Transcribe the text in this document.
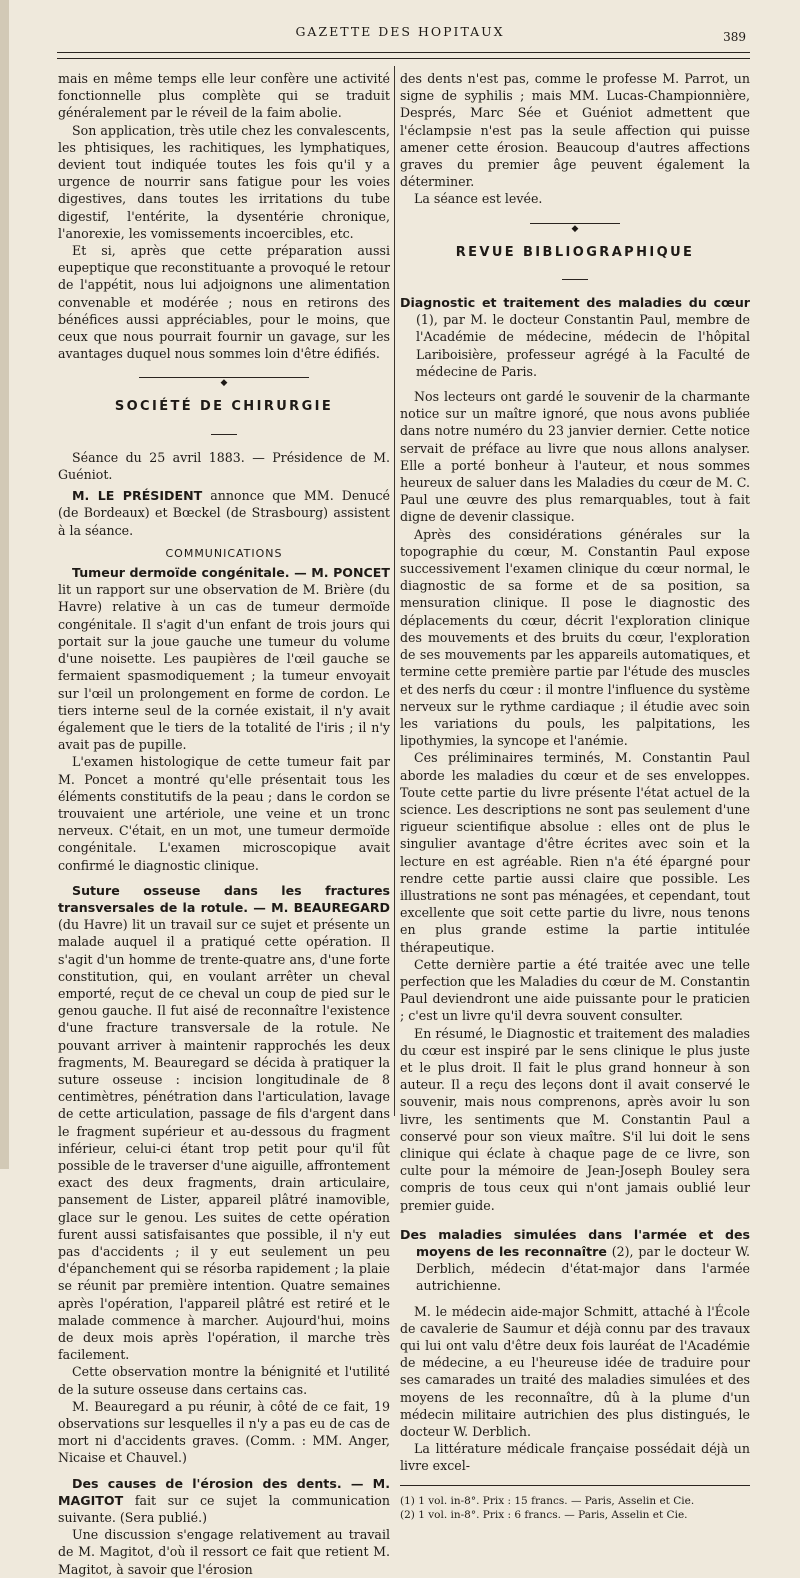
GAZETTE DES HOPITAUX	389

mais en même temps elle leur confère une activité fonctionnelle plus complète qui se traduit généralement par le réveil de la faim abolie.

Son application, très utile chez les convalescents, les phtisiques, les rachitiques, les lymphatiques, devient tout indiquée toutes les fois qu'il y a urgence de nourrir sans fatigue pour les voies digestives, dans toutes les irritations du tube digestif, l'entérite, la dysentérie chronique, l'anorexie, les vomissements incoercibles, etc.

Et si, après que cette préparation aussi eupeptique que reconstituante a provoqué le retour de l'appétit, nous lui adjoignons une alimentation convenable et modérée ; nous en retirons des bénéfices aussi appréciables, pour le moins, que ceux que nous pourrait fournir un gavage, sur les avantages duquel nous sommes loin d'être édifiés.

◆
SOCIÉTÉ DE CHIRURGIE

Séance du 25 avril 1883. — Présidence de M. Guéniot.

M. LE PRÉSIDENT annonce que MM. Denucé (de Bordeaux) et Bœckel (de Strasbourg) assistent à la séance.

COMMUNICATIONS

Tumeur dermoïde congénitale. — M. PONCET lit un rapport sur une observation de M. Brière (du Havre) relative à un cas de tumeur dermoïde congénitale. Il s'agit d'un enfant de trois jours qui portait sur la joue gauche une tumeur du volume d'une noisette. Les paupières de l'œil gauche se fermaient spasmodiquement ; la tumeur envoyait sur l'œil un prolongement en forme de cordon. Le tiers interne seul de la cornée existait, il n'y avait également que le tiers de la totalité de l'iris ; il n'y avait pas de pupille.

L'examen histologique de cette tumeur fait par M. Poncet a montré qu'elle présentait tous les éléments constitutifs de la peau ; dans le cordon se trouvaient une artériole, une veine et un tronc nerveux. C'était, en un mot, une tumeur dermoïde congénitale. L'examen microscopique avait confirmé le diagnostic clinique.

Suture osseuse dans les fractures transversales de la rotule. — M. BEAUREGARD (du Havre) lit un travail sur ce sujet et présente un malade auquel il a pratiqué cette opération. Il s'agit d'un homme de trente-quatre ans, d'une forte constitution, qui, en voulant arrêter un cheval emporté, reçut de ce cheval un coup de pied sur le genou gauche. Il fut aisé de reconnaître l'existence d'une fracture transversale de la rotule. Ne pouvant arriver à maintenir rapprochés les deux fragments, M. Beauregard se décida à pratiquer la suture osseuse : incision longitudinale de 8 centimètres, pénétration dans l'articulation, lavage de cette articulation, passage de fils d'argent dans le fragment supérieur et au-dessous du fragment inférieur, celui-ci étant trop petit pour qu'il fût possible de le traverser d'une aiguille, affrontement exact des deux fragments, drain articulaire, pansement de Lister, appareil plâtré inamovible, glace sur le genou. Les suites de cette opération furent aussi satisfaisantes que possible, il n'y eut pas d'accidents ; il y eut seulement un peu d'épanchement qui se résorba rapidement ; la plaie se réunit par première intention. Quatre semaines après l'opération, l'appareil plâtré est retiré et le malade commence à marcher. Aujourd'hui, moins de deux mois après l'opération, il marche très facilement.

Cette observation montre la bénignité et l'utilité de la suture osseuse dans certains cas.

M. Beauregard a pu réunir, à côté de ce fait, 19 observations sur lesquelles il n'y a pas eu de cas de mort ni d'accidents graves. (Comm. : MM. Anger, Nicaise et Chauvel.)

Des causes de l'érosion des dents. — M. MAGITOT fait sur ce sujet la communication suivante. (Sera publié.)

Une discussion s'engage relativement au travail de M. Magitot, d'où il ressort ce fait que retient M. Magitot, à savoir que l'érosion

des dents n'est pas, comme le professe M. Parrot, un signe de syphilis ; mais MM. Lucas-Championnière, Després, Marc Sée et Guéniot admettent que l'éclampsie n'est pas la seule affection qui puisse amener cette érosion. Beaucoup d'autres affections graves du premier âge peuvent également la déterminer.

La séance est levée.

◆
REVUE BIBLIOGRAPHIQUE

Diagnostic et traitement des maladies du cœur (1), par M. le docteur Constantin Paul, membre de l'Académie de médecine, médecin de l'hôpital Lariboisière, professeur agrégé à la Faculté de médecine de Paris.

Nos lecteurs ont gardé le souvenir de la charmante notice sur un maître ignoré, que nous avons publiée dans notre numéro du 23 janvier dernier. Cette notice servait de préface au livre que nous allons analyser. Elle a porté bonheur à l'auteur, et nous sommes heureux de saluer dans les Maladies du cœur de M. C. Paul une œuvre des plus remarquables, tout à fait digne de devenir classique.

Après des considérations générales sur la topographie du cœur, M. Constantin Paul expose successivement l'examen clinique du cœur normal, le diagnostic de sa forme et de sa position, sa mensuration clinique. Il pose le diagnostic des déplacements du cœur, décrit l'exploration clinique des mouvements et des bruits du cœur, l'exploration de ses mouvements par les appareils automatiques, et termine cette première partie par l'étude des muscles et des nerfs du cœur : il montre l'influence du système nerveux sur le rythme cardiaque ; il étudie avec soin les variations du pouls, les palpitations, les lipothymies, la syncope et l'anémie.

Ces préliminaires terminés, M. Constantin Paul aborde les maladies du cœur et de ses enveloppes. Toute cette partie du livre présente l'état actuel de la science. Les descriptions ne sont pas seulement d'une rigueur scientifique absolue : elles ont de plus le singulier avantage d'être écrites avec soin et la lecture en est agréable. Rien n'a été épargné pour rendre cette partie aussi claire que possible. Les illustrations ne sont pas ménagées, et cependant, tout excellente que soit cette partie du livre, nous tenons en plus grande estime la partie intitulée thérapeutique.

Cette dernière partie a été traitée avec une telle perfection que les Maladies du cœur de M. Constantin Paul deviendront une aide puissante pour le praticien ; c'est un livre qu'il devra souvent consulter.

En résumé, le Diagnostic et traitement des maladies du cœur est inspiré par le sens clinique le plus juste et le plus droit. Il fait le plus grand honneur à son auteur. Il a reçu des leçons dont il avait conservé le souvenir, mais nous comprenons, après avoir lu son livre, les sentiments que M. Constantin Paul a conservé pour son vieux maître. S'il lui doit le sens clinique qui éclate à chaque page de ce livre, son culte pour la mémoire de Jean-Joseph Bouley sera compris de tous ceux qui n'ont jamais oublié leur premier guide.

Des maladies simulées dans l'armée et des moyens de les reconnaître (2), par le docteur W. Derblich, médecin d'état-major dans l'armée autrichienne.

M. le médecin aide-major Schmitt, attaché à l'École de cavalerie de Saumur et déjà connu par des travaux qui lui ont valu d'être deux fois lauréat de l'Académie de médecine, a eu l'heureuse idée de traduire pour ses camarades un traité des maladies simulées et des moyens de les reconnaître, dû à la plume d'un médecin militaire autrichien des plus distingués, le docteur W. Derblich.

La littérature médicale française possédait déjà un livre excel-

(1) 1 vol. in-8°. Prix : 15 francs. — Paris, Asselin et Cie.
(2) 1 vol. in-8°. Prix : 6 francs. — Paris, Asselin et Cie.
